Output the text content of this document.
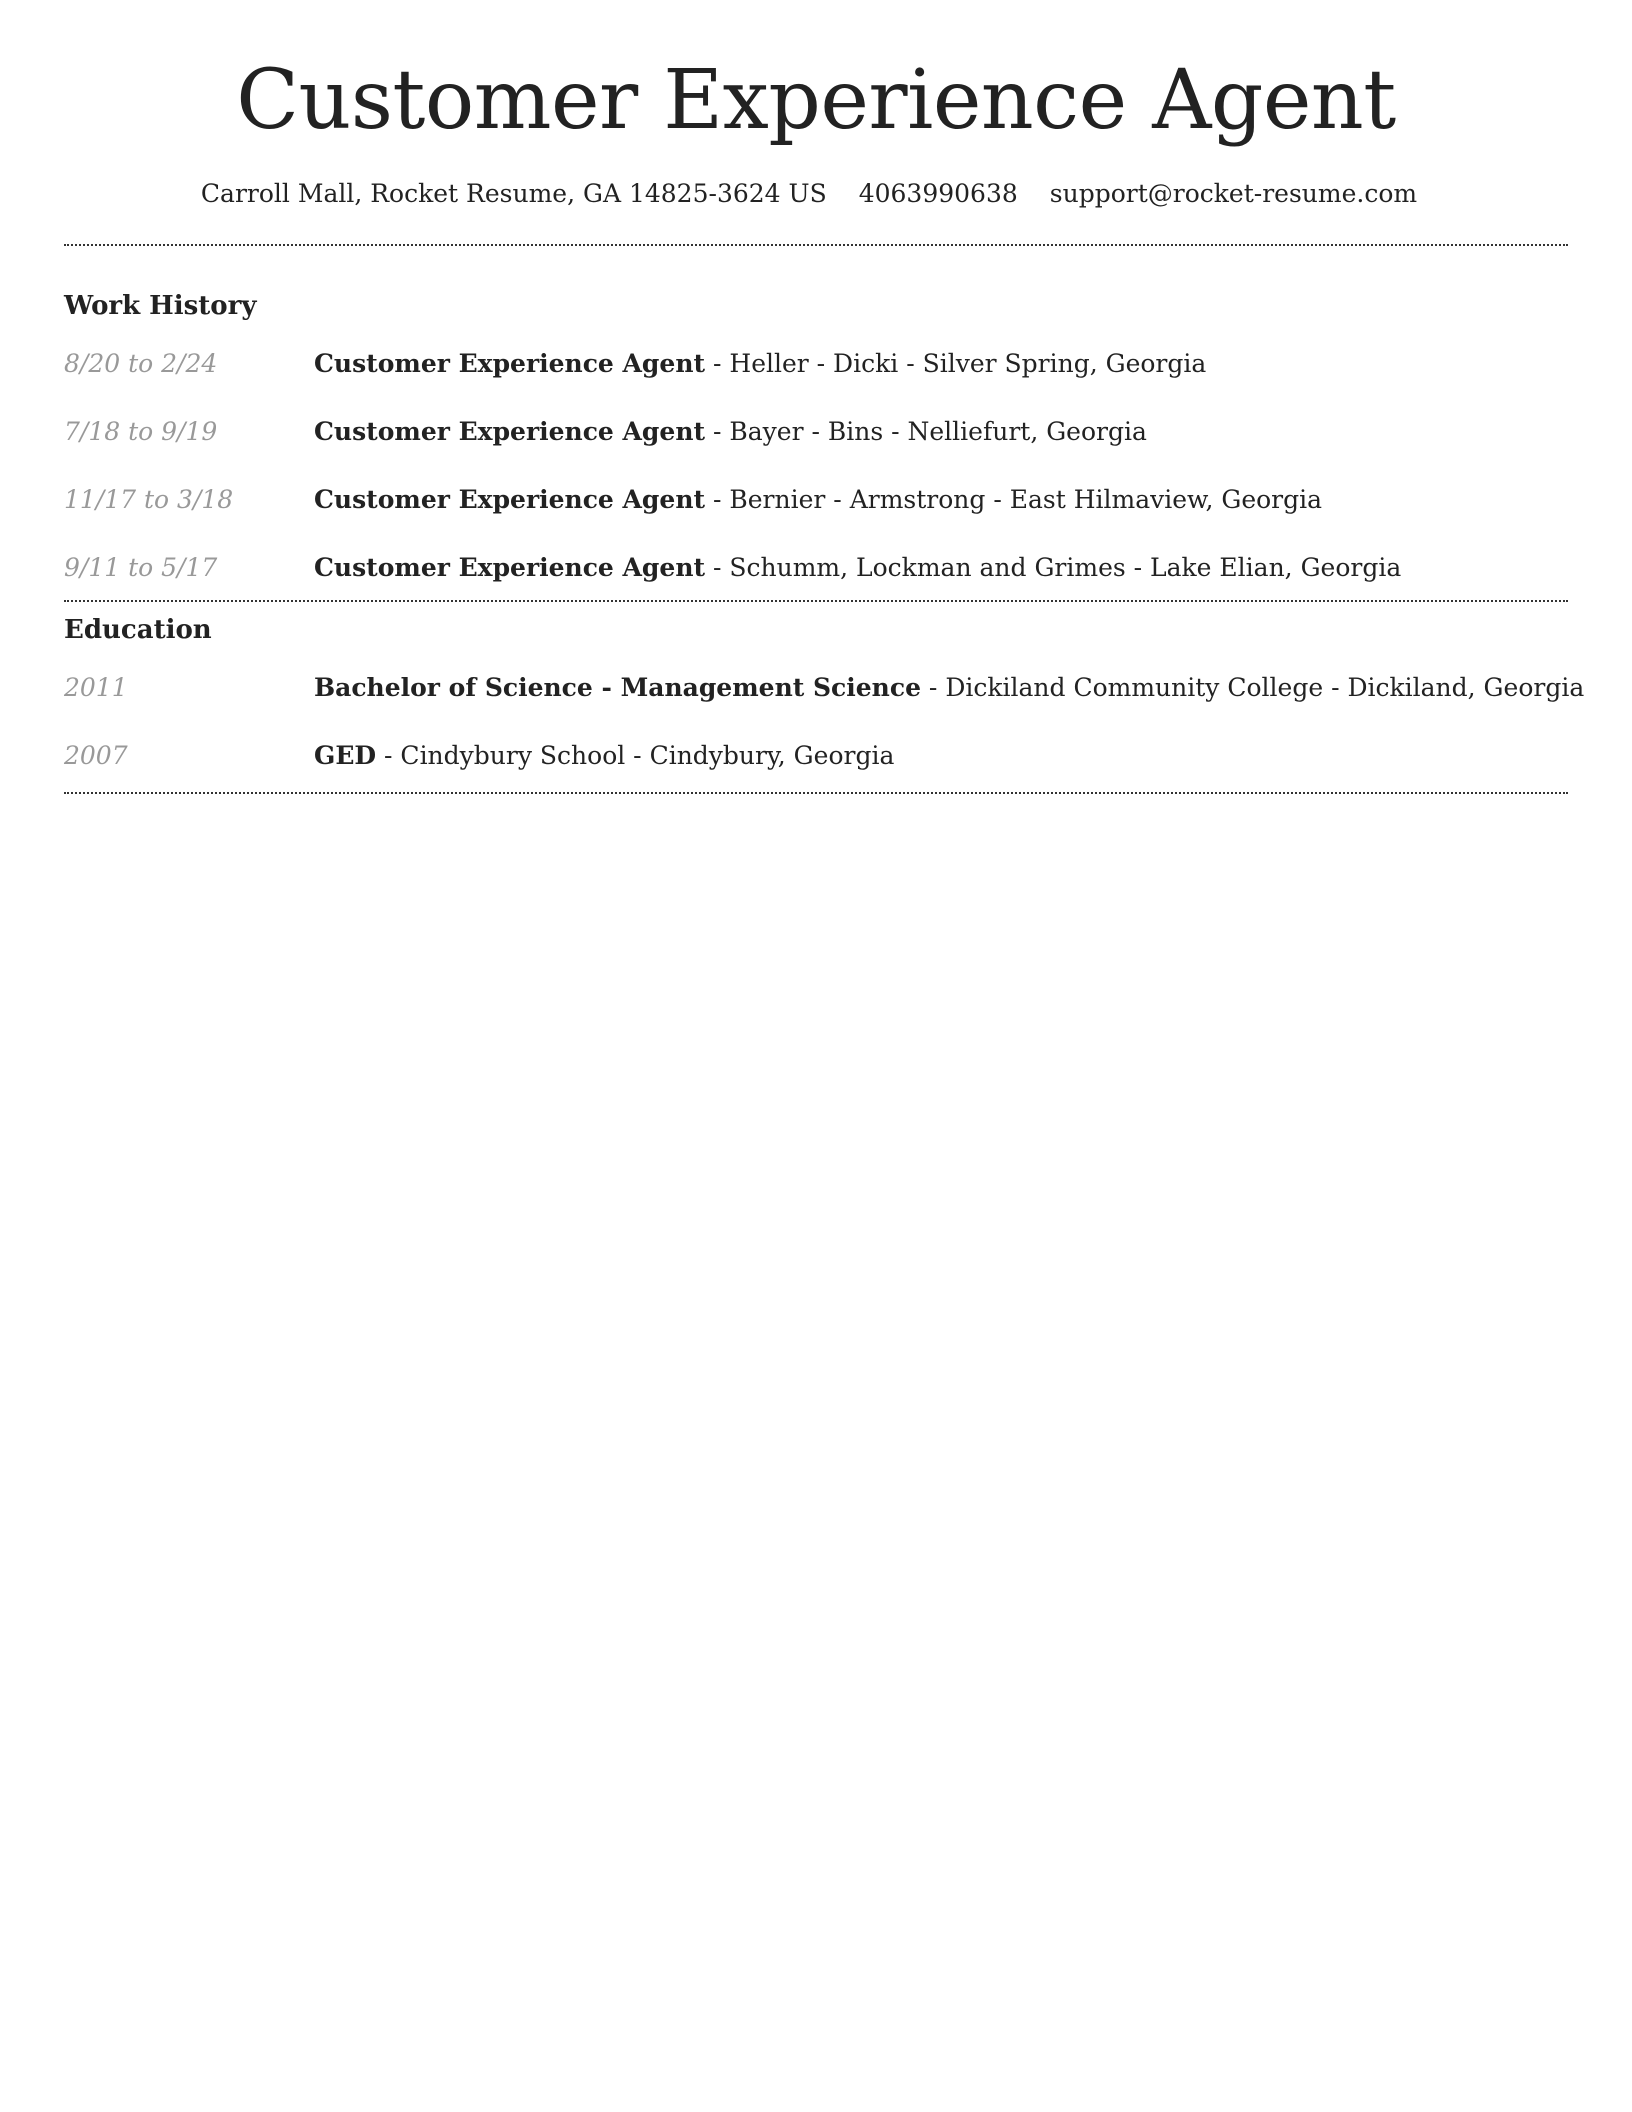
Customer Experience Agent
Carroll Mall, Rocket Resume, GA 14825-3624 US 4063990638 support@rocket-resume.com
Work History
8/20 to 2/24	Customer Experience Agent - Heller - Dicki - Silver Spring, Georgia
7/18 to 9/19	Customer Experience Agent - Bayer - Bins - Nelliefurt, Georgia
11/17 to 3/18	Customer Experience Agent - Bernier - Armstrong - East Hilmaview, Georgia
9/11 to 5/17	Customer Experience Agent - Schumm, Lockman and Grimes - Lake Elian, Georgia
Education
2011	Bachelor of Science - Management Science - Dickiland Community College - Dickiland, Georgia
2007	GED - Cindybury School - Cindybury, Georgia
